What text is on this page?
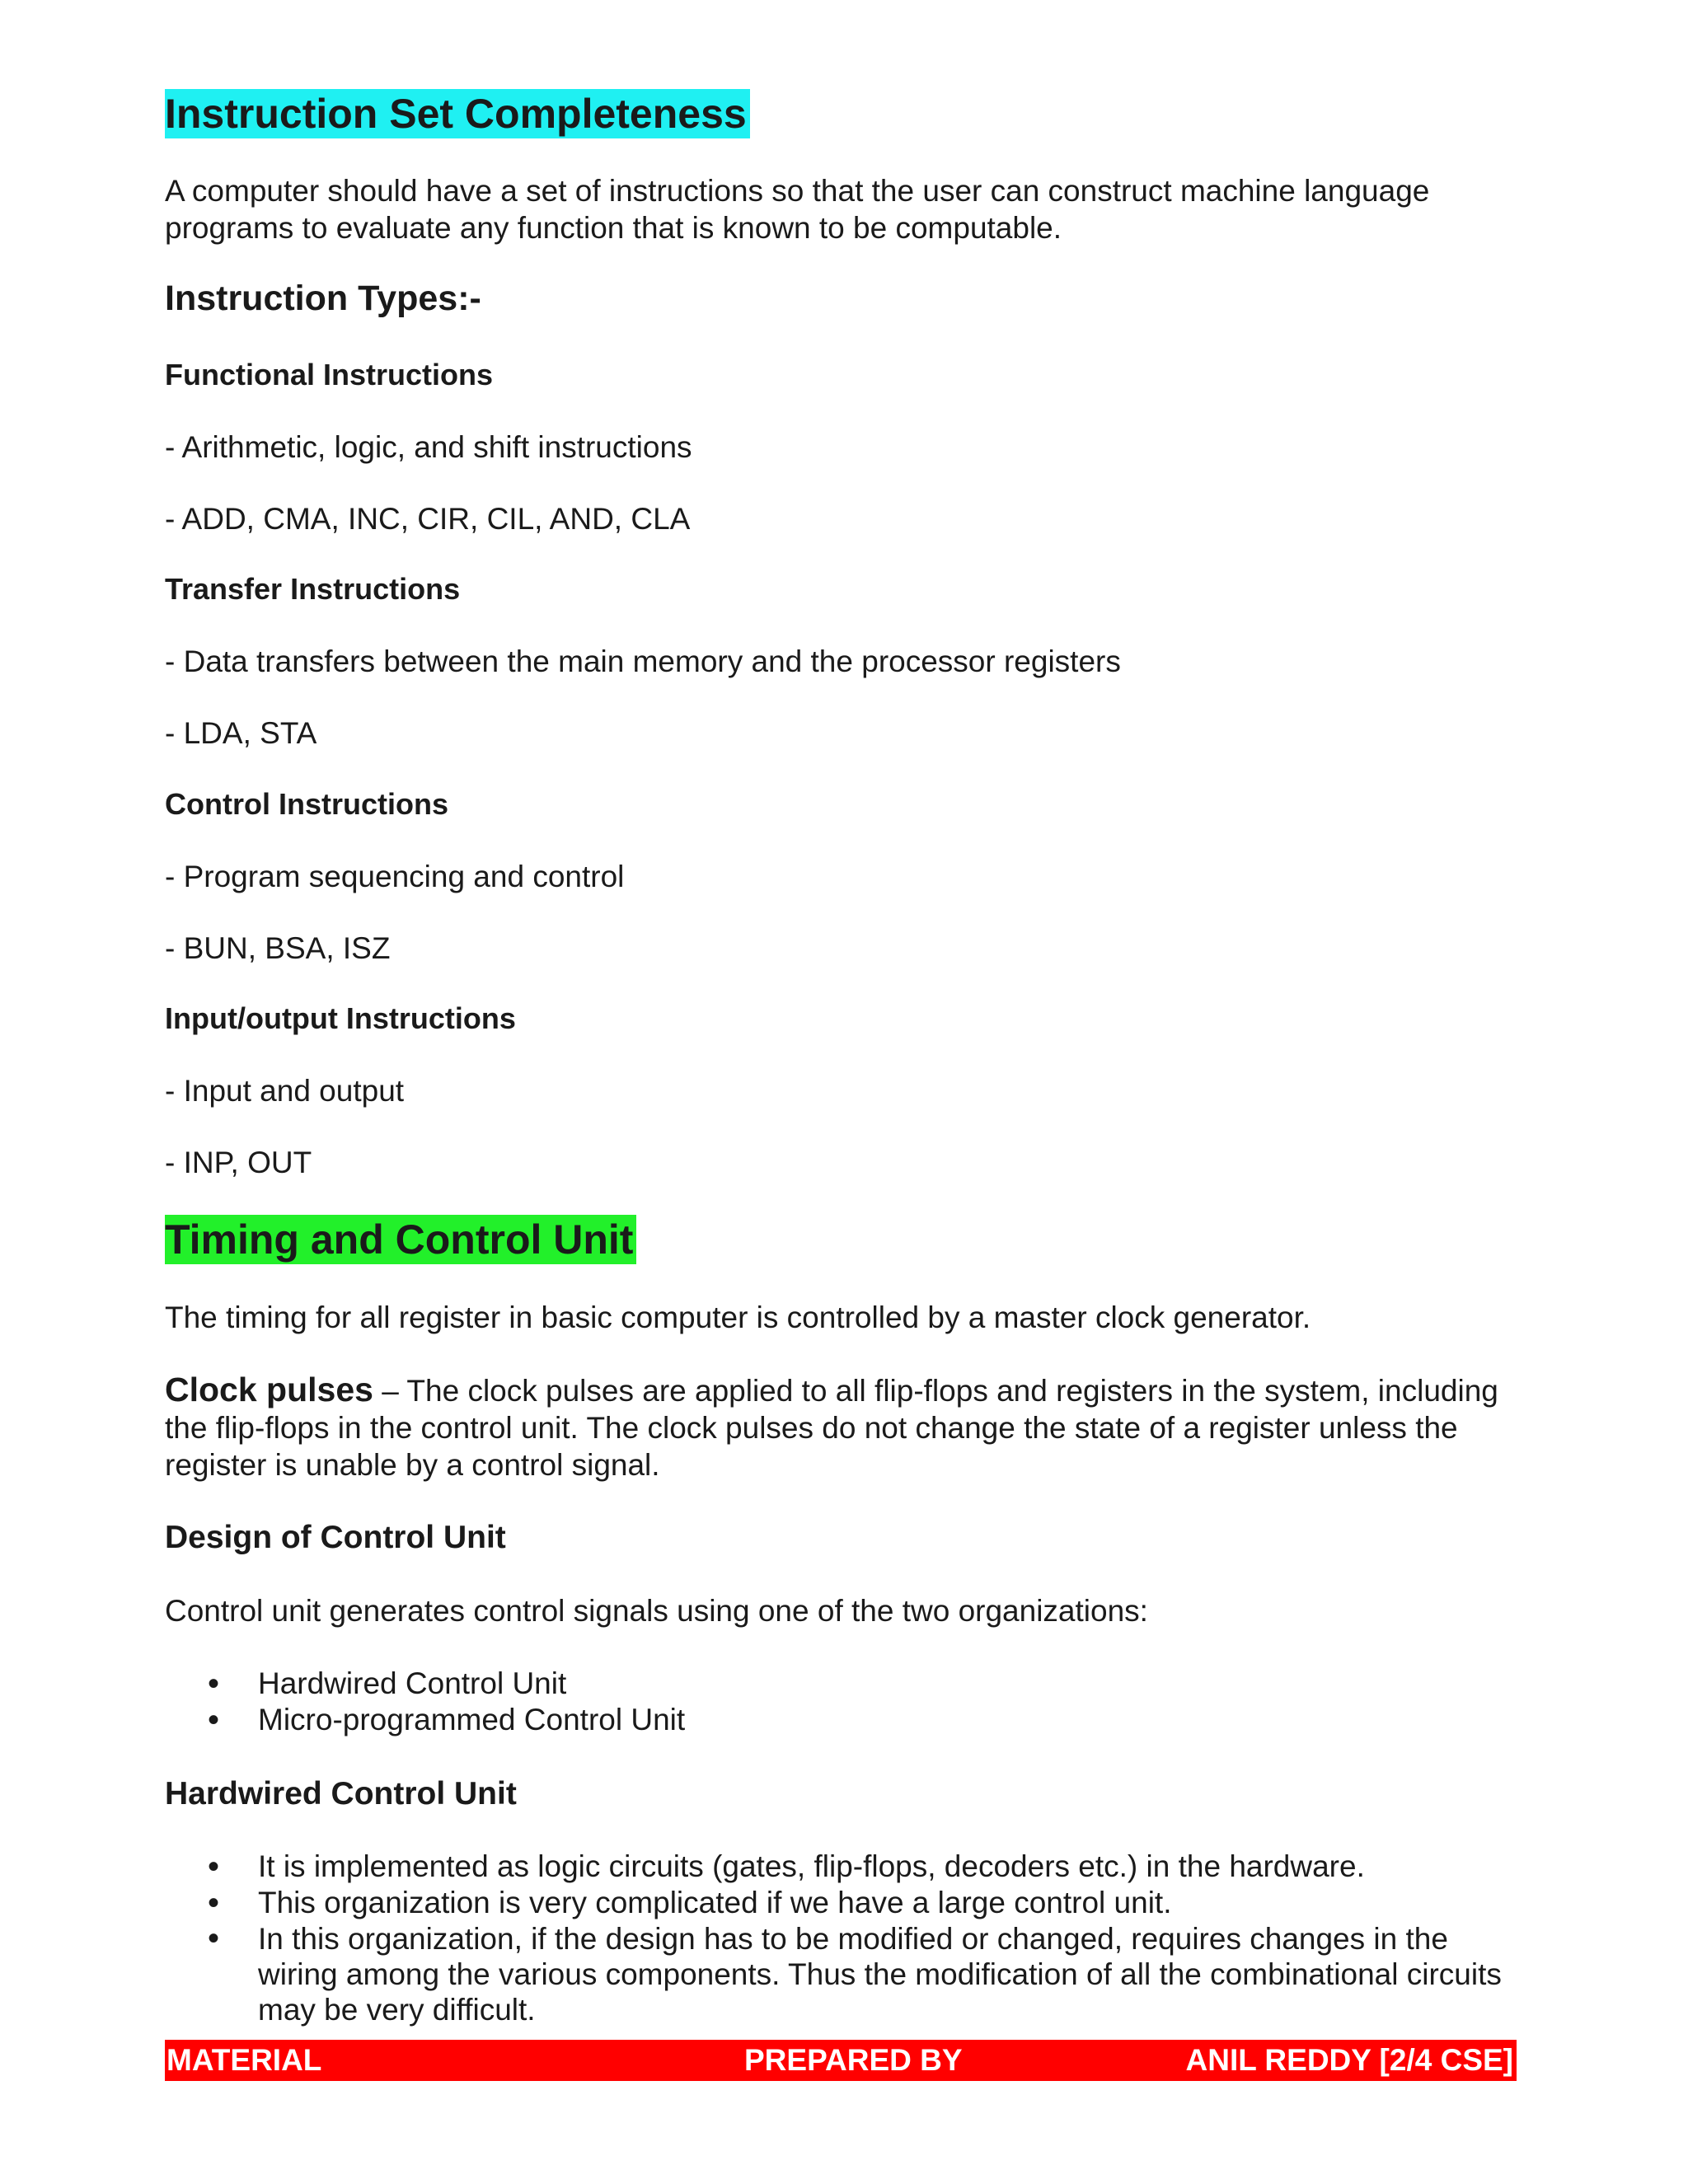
Instruction Set Completeness
A computer should have a set of instructions so that the user can construct machine language programs to evaluate any function that is known to be computable.
Instruction Types:-
Functional Instructions
- Arithmetic, logic, and shift instructions
- ADD, CMA, INC, CIR, CIL, AND, CLA
Transfer Instructions
- Data transfers between the main memory and the processor registers
- LDA, STA
Control Instructions
- Program sequencing and control
- BUN, BSA, ISZ
Input/output Instructions
- Input and output
- INP, OUT
Timing and Control Unit
The timing for all register in basic computer is controlled by a master clock generator.
Clock pulses – The clock pulses are applied to all flip-flops and registers in the system, including the flip-flops in the control unit. The clock pulses do not change the state of a register unless the register is unable by a control signal.
Design of Control Unit
Control unit generates control signals using one of the two organizations:
• Hardwired Control Unit
• Micro-programmed Control Unit
Hardwired Control Unit
• It is implemented as logic circuits (gates, flip-flops, decoders etc.) in the hardware.
• This organization is very complicated if we have a large control unit.
• In this organization, if the design has to be modified or changed, requires changes in the wiring among the various components. Thus the modification of all the combinational circuits may be very difficult.
MATERIAL	PREPARED BY	ANIL REDDY [2/4 CSE]
